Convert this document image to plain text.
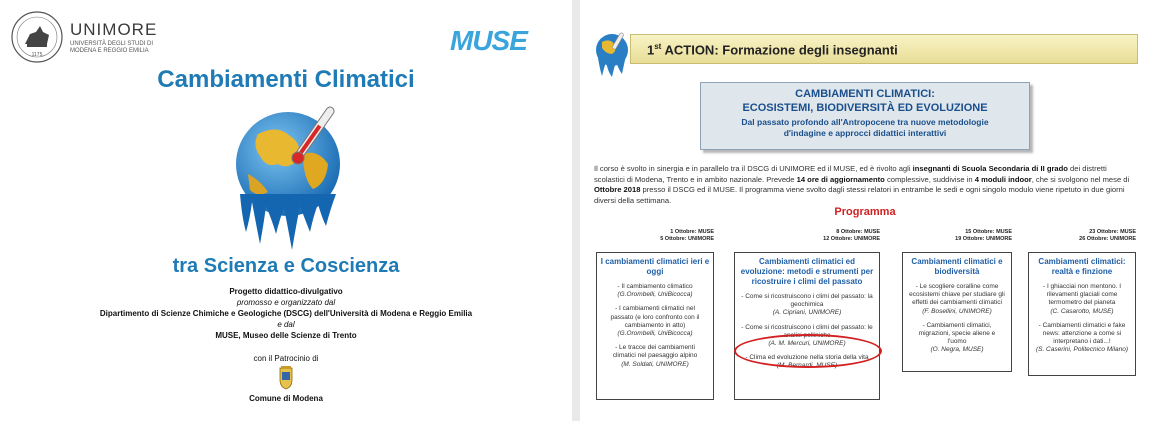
1175
UNIMORE
UNIVERSITÀ DEGLI STUDI DI
MODENA E REGGIO EMILIA	MUSE
Cambiamenti Climatici
tra Scienza e Coscienza
Progetto didattico-divulgativo
promosso e organizzato dal
Dipartimento di Scienze Chimiche e Geologiche (DSCG) dell'Università di Modena e Reggio Emilia
e dal
MUSE, Museo delle Scienze di Trento
con il Patrocinio di
Comune di Modena
1st ACTION: Formazione degli insegnanti
CAMBIAMENTI CLIMATICI:
ECOSISTEMI, BIODIVERSITÀ ED EVOLUZIONE
Dal passato profondo all'Antropocene tra nuove metodologie d'indagine e approcci didattici interattivi
Il corso è svolto in sinergia e in parallelo tra il DSCG di UNIMORE ed il MUSE, ed è rivolto agli insegnanti di Scuola Secondaria di II grado dei distretti scolastici di Modena, Trento e in ambito nazionale. Prevede 14 ore di aggiornamento complessive, suddivise in 4 moduli indoor, che si svolgono nel mese di Ottobre 2018 presso il DSCG ed il MUSE. Il programma viene svolto dagli stessi relatori in entrambe le sedi e ogni singolo modulo viene ripetuto in due giorni diversi della settimana.
Programma
1 Ottobre: MUSE
5 Ottobre: UNIMORE
I cambiamenti climatici ieri e oggi
- Il cambiamento climatico
(G.Orombelli, UniBicocca)
- I cambiamenti climatici nel passato (e loro confronto con il cambiamento in atto)
(G.Orombelli, UniBicocca)
- Le tracce dei cambiamenti climatici nel paesaggio alpino
(M. Soldati, UNIMORE)
8 Ottobre: MUSE
12 Ottobre: UNIMORE
Cambiamenti climatici ed evoluzione: metodi e strumenti per ricostruire i climi del passato
- Come si ricostruiscono i climi del passato: la geochimica
(A. Cipriani, UNIMORE)
- Come si ricostruiscono i climi del passato: le analisi polliniche
(A. M. Mercuri, UNIMORE)
- Clima ed evoluzione nella storia della vita
(M. Bernardi, MUSE)
15 Ottobre: MUSE
19 Ottobre: UNIMORE
Cambiamenti climatici e biodiversità
- Le scogliere coralline come ecosistemi chiave per studiare gli effetti dei cambiamenti climatici
(F. Bosellini, UNIMORE)
- Cambiamenti climatici, migrazioni, specie aliene e l'uomo
(O. Negra, MUSE)
23 Ottobre: MUSE
26 Ottobre: UNIMORE
Cambiamenti climatici: realtà e finzione
- I ghiacciai non mentono. I rilevamenti glaciali come termometro del pianeta
(C. Casarotto, MUSE)
- Cambiamenti climatici e fake news: attenzione a come si interpretano i dati...!
(S. Caserini, Politecnico Milano)
